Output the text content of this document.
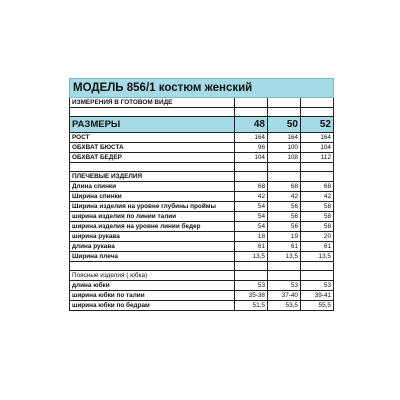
МОДЕЛЬ 856/1 костюм женский			
ИЗМЕРЕНИЯ В ГОТОВОМ ВИДЕ			

РАЗМЕРЫ	48	50	52
РОСТ	164	164	164
ОБХВАТ БЮСТА	96	100	104
ОБХВАТ БЕДЕР	104	108	112

ПЛЕЧЕВЫЕ ИЗДЕЛИЯ			
Длина спинки	68	68	68
Ширина спинки	42	42	42
Ширина изделия на уровне глубины проймы	54	56	58
ширина изделия по линии талии	54	56	58
ширина изделия на уровне линии бедер	54	56	58
ширина рукава	18	19	20
длина рукава	61	61	61
Ширина плеча	13,5	13,5	13,5

Поясные изделия ( юбка)			
длина юбки	53	53	53
ширина юбки по талии	35-38	37-40	39-41
ширина юбки по бедрам	51,5	53,5	55,5
